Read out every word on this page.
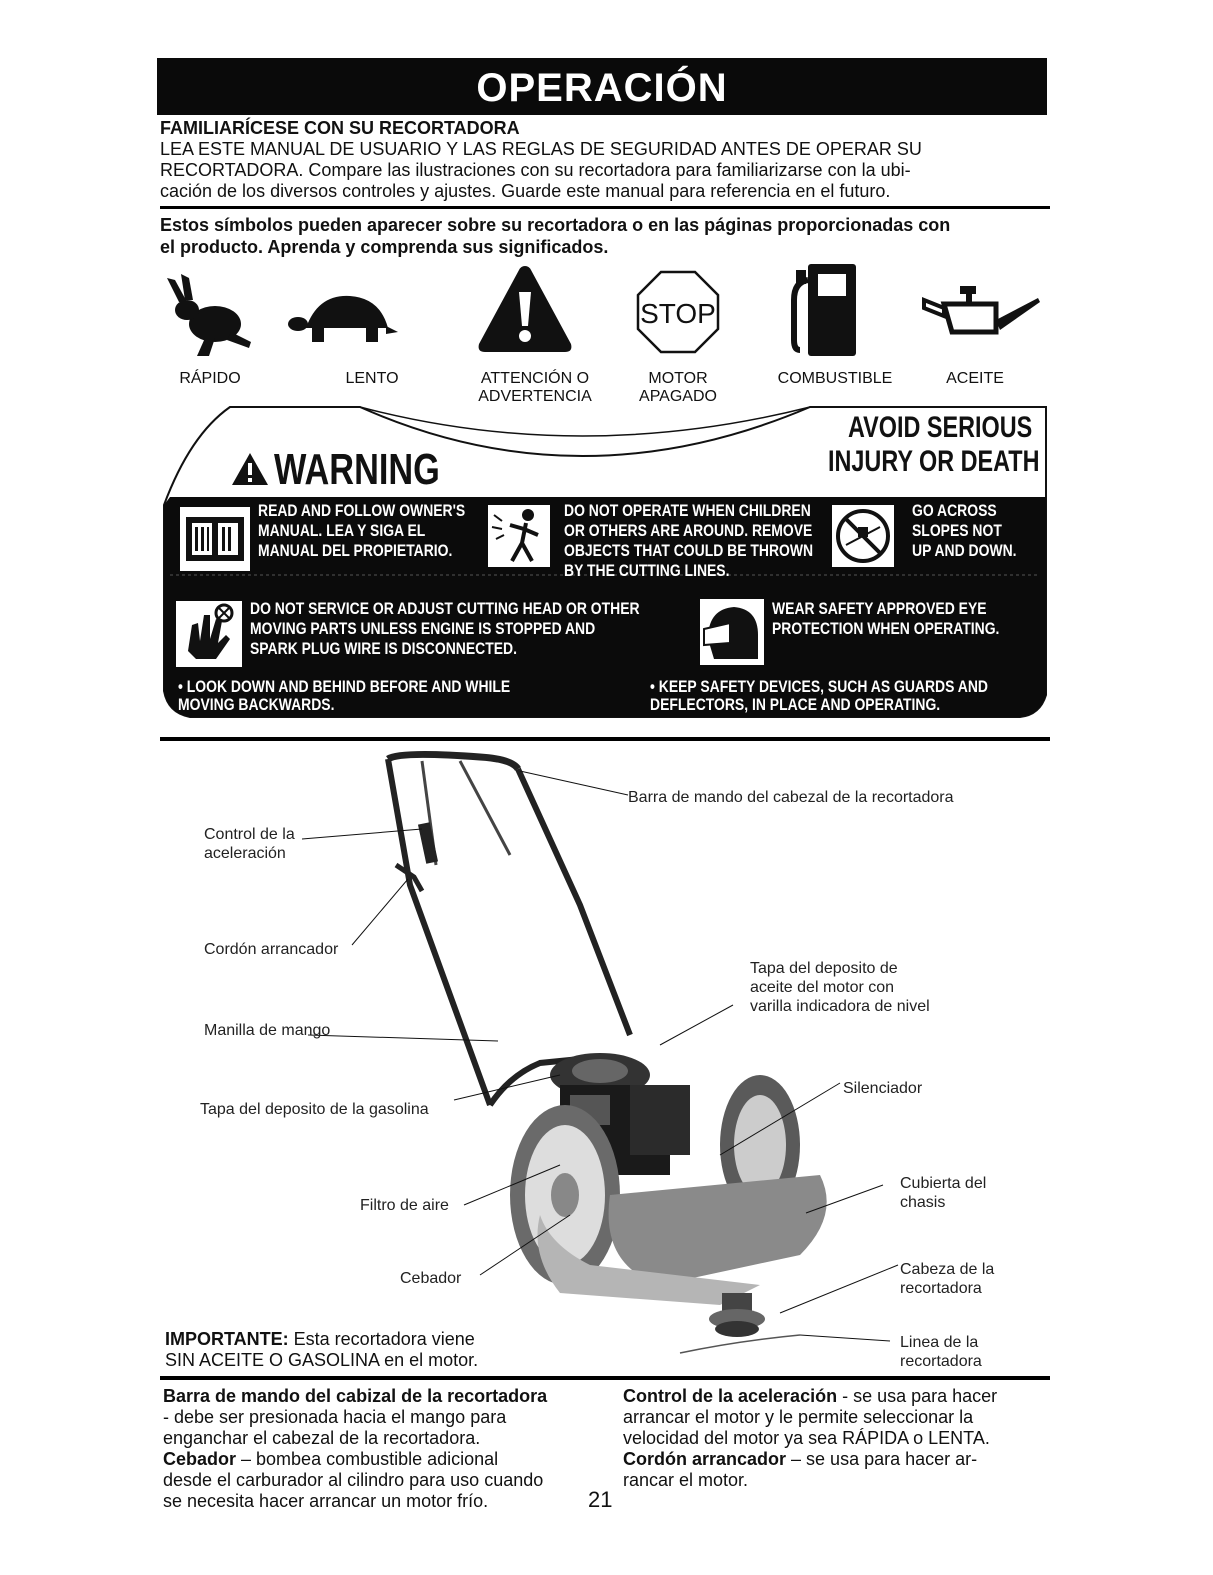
OPERACIÓN
FAMILIARÍCESE CON SU RECORTADORA
LEA ESTE MANUAL DE USUARIO Y LAS REGLAS DE SEGURIDAD ANTES DE OPERAR SU
RECORTADORA. Compare las ilustraciones con su recortadora para familiarizarse con la ubi-
cación de los diversos controles y ajustes. Guarde este manual para referencia en el futuro.
Estos símbolos pueden aparecer sobre su recortadora o en las páginas proporcionadas con
el producto. Aprenda y comprenda sus significados.
STOP
RÁPIDO	LENTO	ATTENCIÓN O
ADVERTENCIA
MOTOR
APAGADO
COMBUSTIBLE	ACEITE
WARNING
AVOID SERIOUS
INJURY OR DEATH
READ AND FOLLOW OWNER'S
MANUAL. LEA Y SIGA EL
MANUAL DEL PROPIETARIO.
DO NOT OPERATE WHEN CHILDREN
OR OTHERS ARE AROUND. REMOVE
OBJECTS THAT COULD BE THROWN
BY THE CUTTING LINES.
GO ACROSS
SLOPES NOT
UP AND DOWN.
DO NOT SERVICE OR ADJUST CUTTING HEAD OR OTHER
MOVING PARTS UNLESS ENGINE IS STOPPED AND
SPARK PLUG WIRE IS DISCONNECTED.
WEAR SAFETY APPROVED EYE
PROTECTION WHEN OPERATING.
• LOOK DOWN AND BEHIND BEFORE AND WHILE
MOVING BACKWARDS.
• KEEP SAFETY DEVICES, SUCH AS GUARDS AND
DEFLECTORS, IN PLACE AND OPERATING.
Barra de mando del cabezal de la recortadora
Control de la
aceleración
Cordón arrancador
Tapa del deposito de
aceite del motor con
varilla indicadora de nivel
Manilla de mango
Silenciador
Tapa del deposito de la gasolina
Cubierta del
chasis
Filtro de aire
Cabeza de la
recortadora
Cebador
Linea de la
recortadora
IMPORTANTE: Esta recortadora viene
SIN ACEITE O GASOLINA en el motor.
Barra de mando del cabizal de la recortadora
- debe ser presionada hacia el mango para
enganchar el cabezal de la recortadora.
Cebador – bombea combustible adicional
desde el carburador al cilindro para uso cuando
se necesita hacer arrancar un motor frío.
Control de la aceleración - se usa para hacer
arrancar el motor y le permite seleccionar la
velocidad del motor ya sea RÁPIDA o LENTA.
Cordón arrancador – se usa para hacer ar-
rancar el motor.
21
